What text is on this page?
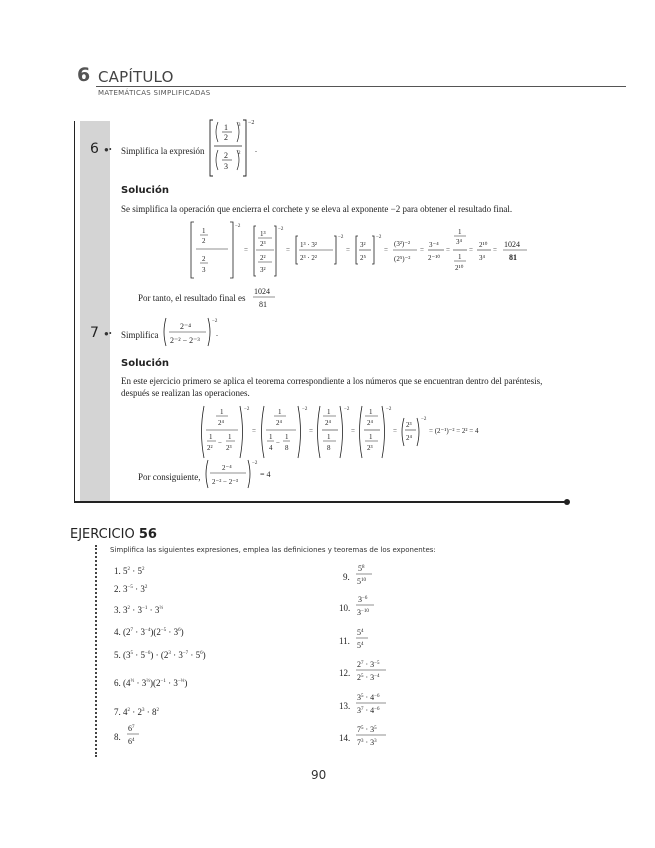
6 CAPÍTULO
MATEMÁTICAS SIMPLIFICADAS
6 ●• Simplifica la expresión
1
2
3
2
3
2
−2
.
Solución
Se simplifica la operación que encierra el corchete y se eleva al exponente −2 para obtener el resultado final.
1
2
2
3
−2
=
1³
2³
2²
3²
−2
=
1³ · 3²
2³ · 2²
−2
=
3²
2⁵
−2
=
(3²)⁻²
(2⁵)⁻²
=
3⁻⁴
2⁻¹⁰
=
1
3⁴
1
2¹⁰
=
2¹⁰
3⁴
=
1024
81
Por tanto, el resultado final es
1024
81
7 ●• Simplifica
2⁻⁴
2⁻² − 2⁻³
−2
.
Solución
En este ejercicio primero se aplica el teorema correspondiente a los números que se encuentran dentro del paréntesis,
después se realizan las operaciones.
1
2⁴
1
2²
−
1
2³
−2
=
1
2⁴
1
4
−
1
8
−2
=
1
2⁴
1
8
−2
=
1
2⁴
1
2³
−2
=
2³
2⁴
−2
= (2⁻¹)⁻² = 2² = 4
Por consiguiente,
2⁻⁴
2⁻² − 2⁻³
−2
= 4
EJERCICIO 56
Simplifica las siguientes expresiones, emplea las definiciones y teoremas de los exponentes:
1. $5^2 \cdot 5^2$
2. $3^{-5} \cdot 3^2$
3. $3^2 \cdot 3^{-1} \cdot 3^{\frac{2}{3}}$
4. $(2^7 \cdot 3^{-4})(2^{-5} \cdot 3^6)$
5. $(3^5 \cdot 5^{-6}) \cdot (2^3 \cdot 3^{-7} \cdot 5^6)$
6. $(4^{\frac{1}{2}} \cdot 3^{\frac{2}{3}})(2^{-1} \cdot 3^{-\frac{1}{3}})$
7. $4^2 \cdot 2^3 \cdot 8^2$
8.
$6^7$
$6^4$
9.
$5^8$
$5^{10}$
10.
$3^{-6}$
$3^{-10}$
11.
$5^4$
$5^4$
12.
$2^7 \cdot 3^{-5}$
$2^5 \cdot 3^{-4}$
13.
$3^5 \cdot 4^{-6}$
$3^7 \cdot 4^{-6}$
14.
$7^5 \cdot 3^5$
$7^3 \cdot 3^3$
90
